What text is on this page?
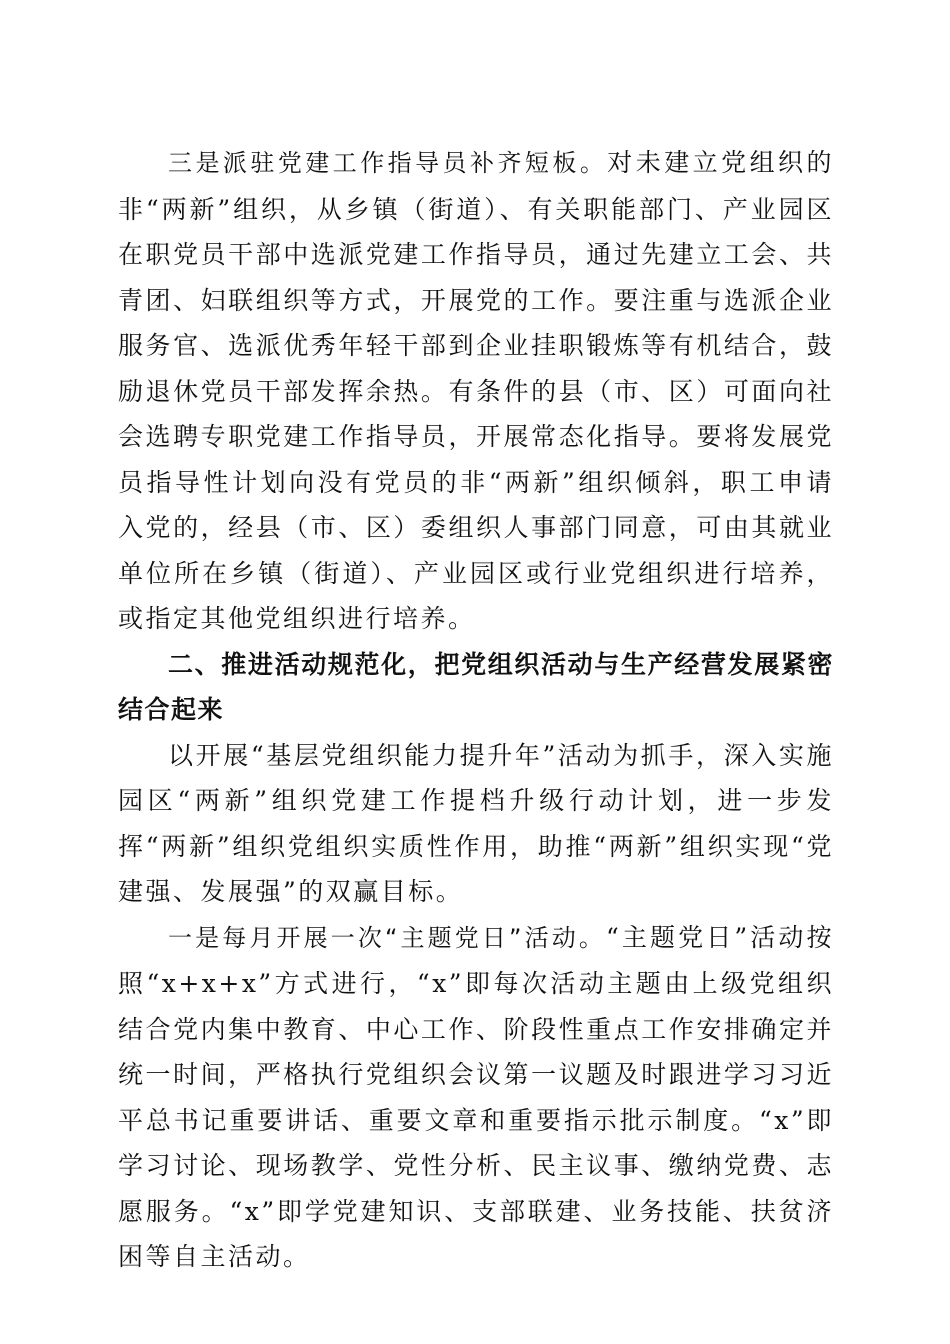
三是派驻党建工作指导员补齐短板。对未建立党组织的非“两新”组织，从乡镇（街道）、有关职能部门、产业园区在职党员干部中选派党建工作指导员，通过先建立工会、共青团、妇联组织等方式，开展党的工作。要注重与选派企业服务官、选派优秀年轻干部到企业挂职锻炼等有机结合，鼓励退休党员干部发挥余热。有条件的县（市、区）可面向社会选聘专职党建工作指导员，开展常态化指导。要将发展党员指导性计划向没有党员的非“两新”组织倾斜，职工申请入党的，经县（市、区）委组织人事部门同意，可由其就业单位所在乡镇（街道）、产业园区或行业党组织进行培养，或指定其他党组织进行培养。

二、推进活动规范化，把党组织活动与生产经营发展紧密结合起来

以开展“基层党组织能力提升年”活动为抓手，深入实施园区“两新”组织党建工作提档升级行动计划，进一步发挥“两新”组织党组织实质性作用，助推“两新”组织实现“党建强、发展强”的双赢目标。

一是每月开展一次“主题党日”活动。“主题党日”活动按照“x+x+x”方式进行，“x”即每次活动主题由上级党组织结合党内集中教育、中心工作、阶段性重点工作安排确定并统一时间，严格执行党组织会议第一议题及时跟进学习习近平总书记重要讲话、重要文章和重要指示批示制度。“x”即学习讨论、现场教学、党性分析、民主议事、缴纳党费、志愿服务。“x”即学党建知识、支部联建、业务技能、扶贫济困等自主活动。
